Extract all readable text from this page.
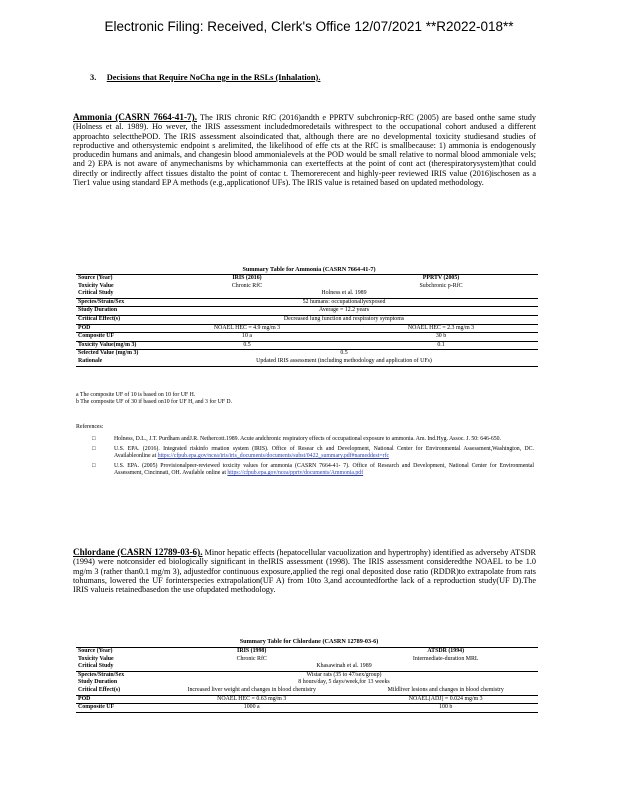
Electronic Filing: Received, Clerk's Office 12/07/2021 **R2022-018**
3. Decisions that Require NoCha nge in the RSLs (Inhalation).
Ammonia (CASRN 7664-41-7). The IRIS chronic RfC (2016)andth e PPRTV subchronicp-RfC (2005) are based onthe same study (Holness et al. 1989). Ho wever, the IRIS assessment includedmoredetails withrespect to the occupational cohort andused a different approachto selectthePOD. The IRIS assessment alsoindicated that, although there are no developmental toxicity studiesand studies of reproductive and othersystemic endpoint s arelimited, the likelihood of effe cts at the RfC is smallbecause: 1) ammonia is endogenously producedin humans and animals, and changesin blood ammonialevels at the POD would be small relative to normal blood ammoniale vels; and 2) EPA is not aware of anymechanisms by whichammonia can exerteffects at the point of cont act (therespiratorysystem)that could directly or indirectly affect tissues distalto the point of contac t. Themorerecent and highly-peer reviewed IRIS value (2016)ischosen as a Tier1 value using standard EP A methods (e.g.,applicationof UFs). The IRIS value is retained based on updated methodology.
Summary Table for Ammonia (CASRN 7664-41-7)
Source (Year)	IRIS (2016)	PPRTV (2005)
Toxicity Value	Chronic RfC	Subchronic p-RfC
Critical Study	Holness et al. 1989	
Species/Strain/Sex	52 humans: occupationallyexposed	
Study Duration	Average = 12.2 years	
Critical Effect(s)	Decreased lung function and respiratory symptoms	
POD	NOAEL HEC = 4.9 mg/m 3	NOAEL HEC = 2.3 mg/m 3
Composite UF	10 a	30 b
Toxicity Value(mg/m 3)	0.5	0.1
Selected Value (mg/m 3)	0.5	
Rationale	Updated IRIS assessment (including methodology and application of UFs)	
a The composite UF of 10 is based on 10 for UF H.
b The composite UF of 30 if based on10 for UF H, and 3 for UF D.
References:
□	Holness, D.L., J.T. Purdham andJ.R. Nethercott.1989. Acute andchronic respiratory effects of occupational exposure to ammonia. Am. Ind.Hyg. Assoc. J. 50: 646-650.
□	U.S. EPA. (2016). Integrated riskinfo rmation system (IRIS). Office of Resear ch and Development, National Center for Environmental Assessment,Washington, DC. Availableonline at https://cfpub.epa.gov/ncea/iris/iris_documents/documents/subst/0422_summary.pdf#nameddest=rfc
□	U.S. EPA. (2005) Provisionalpeer-reviewed toxicity values for ammonia (CASRN 7664-41- 7). Office of Research and Development, National Center for Environmental Assessment, Cincinnati, OH. Available online at https://cfpub.epa.gov/ncea/pprtv/documents/Ammonia.pdf
Chlordane (CASRN 12789-03-6). Minor hepatic effects (hepatocellular vacuolization and hypertrophy) identified as adverseby ATSDR (1994) were notconsider ed biologically significant in theIRIS assessment (1998). The IRIS assessment consideredthe NOAEL to be 1.0 mg/m 3 (rather than0.1 mg/m 3), adjustedfor continuous exposure,applied the regi onal deposited dose ratio (RDDR)to extrapolate from rats tohumans, lowered the UF forinterspecies extrapolation(UF A) from 10to 3,and accountedforthe lack of a reproduction study(UF D).The IRIS valueis retainedbasedon the use ofupdated methodology.
Summary Table for Chlordane (CASRN 12789-03-6)
Source (Year)	IRIS (1998)	ATSDR (1994)
Toxicity Value	Chronic RfC	Intermediate-duration MRL
Critical Study	Khasawinah et al. 1989	
Species/Strain/Sex	Wistar rats (35 to 47/sex/group)	
Study Duration	8 hours/day, 5 days/week,for 13 weeks	
Critical Effect(s)	Increased liver weight and changes in blood chemistry	Mildliver lesions and changes in blood chemistry
POD	NOAEL HEC = 0.63 mg/m 3	NOAEL[ADJ] = 0.024 mg/m 3
Composite UF	1000 a	100 b
